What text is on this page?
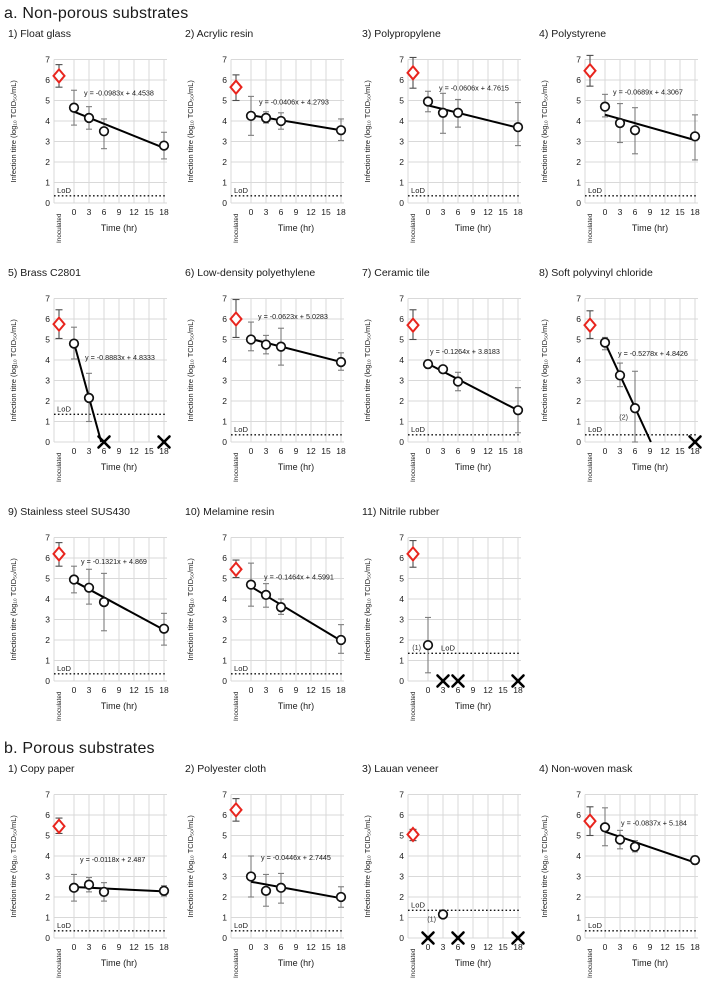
a. Non-porous substrates
1) Float glass
0
1
2
3
4
5
6
7
Infection titre (log₁₀ TCID₅₀/mL)
0 3 6 9 12 15 18
Inoculated	Time (hr)
LoD
y = -0.0983x + 4.4538
2) Acrylic resin
0
1
2
3
4
5
6
7
Infection titre (log₁₀ TCID₅₀/mL)
0 3 6 9 12 15 18
Inoculated	Time (hr)
LoD
y = -0.0406x + 4.2793
3) Polypropylene
0
1
2
3
4
5
6
7
Infection titre (log₁₀ TCID₅₀/mL)
0 3 6 9 12 15 18
Inoculated	Time (hr)
LoD
y = -0.0606x + 4.7615
4) Polystyrene
0
1
2
3
4
5
6
7
Infection titre (log₁₀ TCID₅₀/mL)
0 3 6 9 12 15 18
Inoculated	Time (hr)
LoD
y = -0.0689x + 4.3067
5) Brass C2801
0
1
2
3
4
5
6
7
Infection titre (log₁₀ TCID₅₀/mL)
0 3 6 9 12 15 18
Inoculated	Time (hr)
LoD
y = -0.8883x + 4.8333
6) Low-density polyethylene
0
1
2
3
4
5
6
7
Infection titre (log₁₀ TCID₅₀/mL)
0 3 6 9 12 15 18
Inoculated	Time (hr)
LoD
y = -0.0623x + 5.0283
7) Ceramic tile
0
1
2
3
4
5
6
7
Infection titre (log₁₀ TCID₅₀/mL)
0 3 6 9 12 15 18
Inoculated	Time (hr)
LoD
y = -0.1264x + 3.8183
8) Soft polyvinyl chloride
0
1
2
3
4
5
6
7
Infection titre (log₁₀ TCID₅₀/mL)
0 3 6 9 12 15 18
Inoculated	Time (hr)
LoD
y = -0.5278x + 4.8426
(2)
9) Stainless steel SUS430
0
1
2
3
4
5
6
7
Infection titre (log₁₀ TCID₅₀/mL)
0 3 6 9 12 15 18
Inoculated	Time (hr)
LoD
y = -0.1321x + 4.869
10) Melamine resin
0
1
2
3
4
5
6
7
Infection titre (log₁₀ TCID₅₀/mL)
0 3 6 9 12 15 18
Inoculated	Time (hr)
LoD
y = -0.1464x + 4.5991
11) Nitrile rubber
0
1
2
3
4
5
6
7
Infection titre (log₁₀ TCID₅₀/mL)
0 3 6 9 12 15 18
Inoculated	Time (hr)
LoD
(1)
b. Porous substrates
1) Copy paper
0
1
2
3
4
5
6
7
Infection titre (log₁₀ TCID₅₀/mL)
0 3 6 9 12 15 18
Inoculated	Time (hr)
LoD
y = -0.0118x + 2.487
2) Polyester cloth
0
1
2
3
4
5
6
7
Infection titre (log₁₀ TCID₅₀/mL)
0 3 6 9 12 15 18
Inoculated	Time (hr)
LoD
y = -0.0446x + 2.7445
3) Lauan veneer
0
1
2
3
4
5
6
7
Infection titre (log₁₀ TCID₅₀/mL)
0 3 6 9 12 15 18
Inoculated	Time (hr)
LoD
(1)
4) Non-woven mask
0
1
2
3
4
5
6
7
Infection titre (log₁₀ TCID₅₀/mL)
0 3 6 9 12 15 18
Inoculated	Time (hr)
LoD
y = -0.0837x + 5.184
